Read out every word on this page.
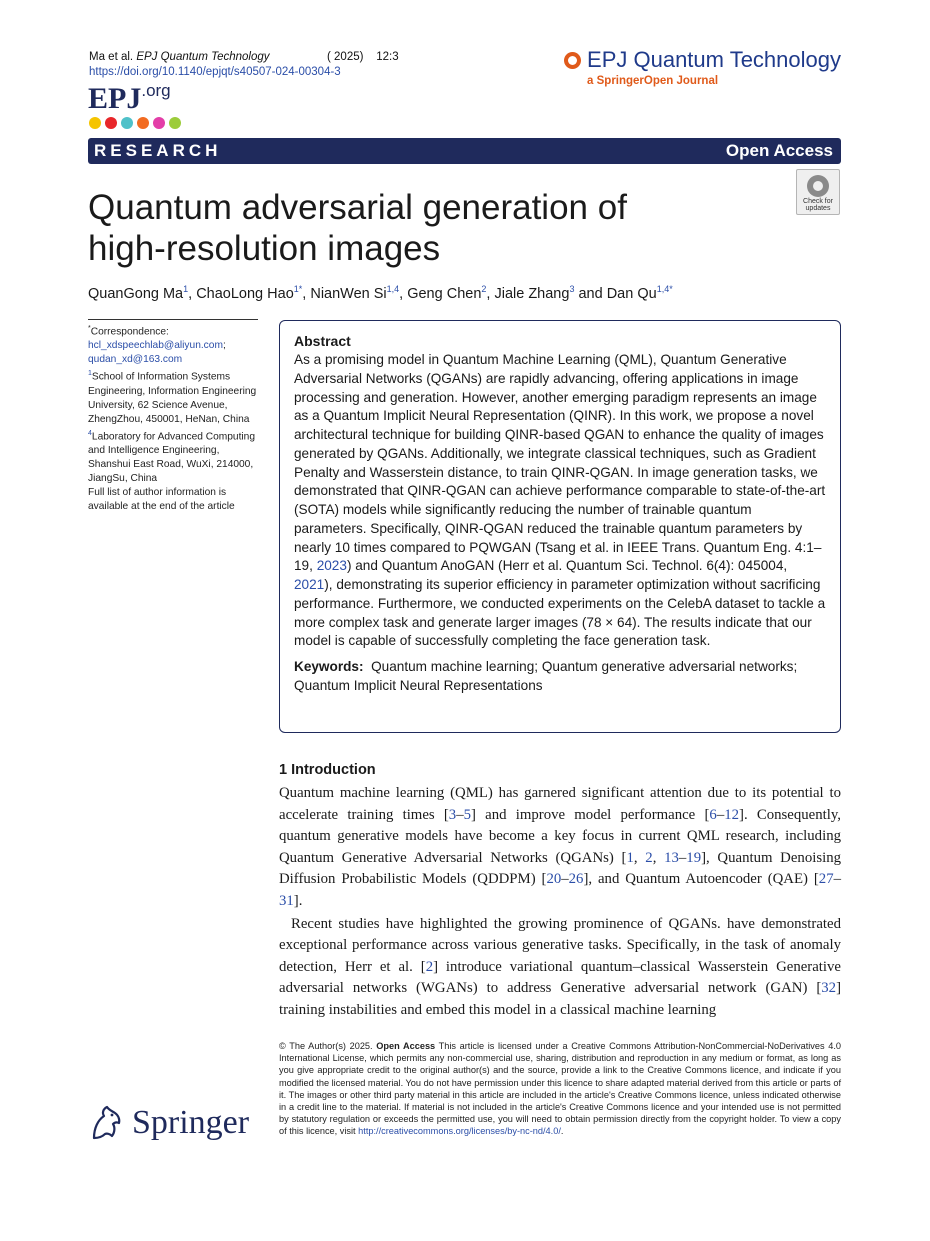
Ma et al. EPJ Quantum Technology	( 2025) 12:3
https://doi.org/10.1140/epjqt/s40507-024-00304-3
EPJ.org
EPJ Quantum Technology
a SpringerOpen Journal
RESEARCH	Open Access
Check for
updates
Quantum adversarial generation of
high-resolution images
QuanGong Ma$^1$, ChaoLong Hao$^{1*}$, NianWen Si$^{1,4}$, Geng Chen$^2$, Jiale Zhang$^3$ and Dan $Qu^{1,4*}$
*Correspondence:
hcl_xdspeechlab@aliyun.com;
qudan_xd@163.com
$^1$School of Information Systems Engineering, Information Engineering University, 62 Science Avenue, ZhengZhou, 450001, HeNan, China
$^4$Laboratory for Advanced Computing and Intelligence Engineering, Shanshui East Road, WuXi, 214000, JiangSu, China
Full list of author information is available at the end of the article
Abstract
As a promising model in Quantum Machine Learning (QML), Quantum Generative Adversarial Networks (QGANs) are rapidly advancing, offering applications in image processing and generation. However, another emerging paradigm represents an image as a Quantum Implicit Neural Representation (QINR). In this work, we propose a novel architectural technique for building QINR-based QGAN to enhance the quality of images generated by QGANs. Additionally, we integrate classical techniques, such as Gradient Penalty and Wasserstein distance, to train QINR-QGAN. In image generation tasks, we demonstrated that QINR-QGAN can achieve performance comparable to state-of-the-art (SOTA) models while significantly reducing the number of trainable quantum parameters. Specifically, QINR-QGAN reduced the trainable quantum parameters by nearly 10 times compared to PQWGAN (Tsang et al. in IEEE Trans. Quantum Eng. 4:1–19, 2023) and Quantum AnoGAN (Herr et al. Quantum Sci. Technol. 6(4): 045004, 2021), demonstrating its superior efficiency in parameter optimization without sacrificing performance. Furthermore, we conducted experiments on the CelebA dataset to tackle a more complex task and generate larger images (78 × 64). The results indicate that our model is capable of successfully completing the face generation task.
Keywords: Quantum machine learning; Quantum generative adversarial networks; Quantum Implicit Neural Representations
1 Introduction

Quantum machine learning (QML) has garnered significant attention due to its potential to accelerate training times [3–5] and improve model performance [6–12]. Consequently, quantum generative models have become a key focus in current QML research, including Quantum Generative Adversarial Networks (QGANs) [1, 2, 13–19], Quantum Denoising Diffusion Probabilistic Models (QDDPM) [20–26], and Quantum Autoencoder (QAE) [27–31].

Recent studies have highlighted the growing prominence of QGANs. have demonstrated exceptional performance across various generative tasks. Specifically, in the task of anomaly detection, Herr et al. [2] introduce variational quantum–classical Wasserstein Generative adversarial networks (WGANs) to address Generative adversarial network (GAN) [32] training instabilities and embed this model in a classical machine learning

© The Author(s) 2025. Open Access This article is licensed under a Creative Commons Attribution-NonCommercial-NoDerivatives 4.0 International License, which permits any non-commercial use, sharing, distribution and reproduction in any medium or format, as long as you give appropriate credit to the original author(s) and the source, provide a link to the Creative Commons licence, and indicate if you modified the licensed material. You do not have permission under this licence to share adapted material derived from this article or parts of it. The images or other third party material in this article are included in the article's Creative Commons licence, unless indicated otherwise in a credit line to the material. If material is not included in the article's Creative Commons licence and your intended use is not permitted by statutory regulation or exceeds the permitted use, you will need to obtain permission directly from the copyright holder. To view a copy of this licence, visit http://creativecommons.org/licenses/by-nc-nd/4.0/.
Springer
